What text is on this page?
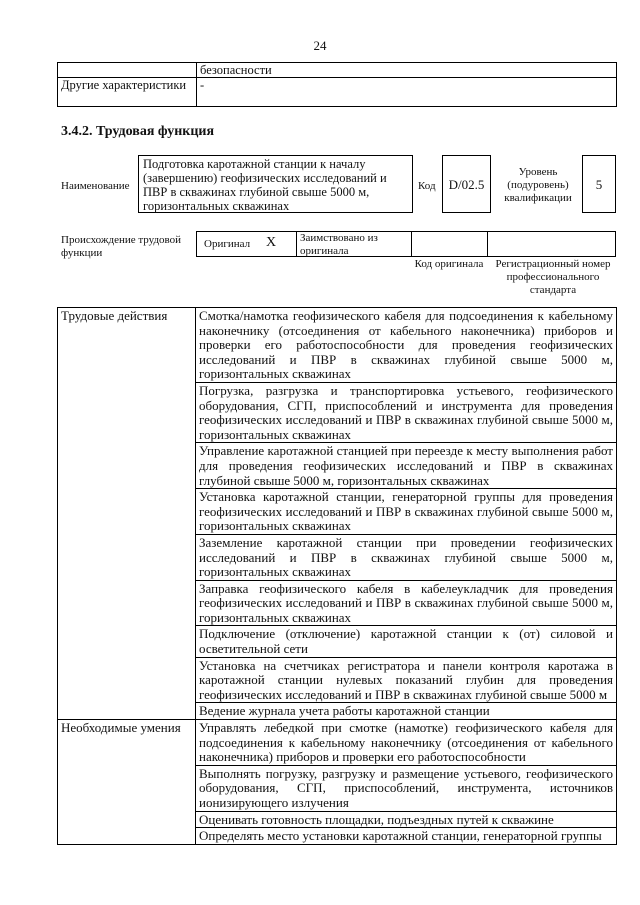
24
	безопасности
Другие характеристики	-
3.4.2. Трудовая функция
Наименование
Подготовка каротажной станции к началу (завершению) геофизических исследований и ПВР в скважинах глубиной свыше 5000 м, горизонтальных скважинах
Код	D/02.5
Уровень (подуровень) квалификации
5
Происхождение трудовой функции
Оригинал X Заимствовано из оригинала
Код оригинала	Регистрационный номер профессионального стандарта
Трудовые действия	Смотка/намотка геофизического кабеля для подсоединения к кабельному наконечнику (отсоединения от кабельного наконечника) приборов и проверки его работоспособности для проведения геофизических исследований и ПВР в скважинах глубиной свыше 5000 м, горизонтальных скважинах
	Погрузка, разгрузка и транспортировка устьевого, геофизического оборудования, СГП, приспособлений и инструмента для проведения геофизических исследований и ПВР в скважинах глубиной свыше 5000 м, горизонтальных скважинах
	Управление каротажной станцией при переезде к месту выполнения работ для проведения геофизических исследований и ПВР в скважинах глубиной свыше 5000 м, горизонтальных скважинах
	Установка каротажной станции, генераторной группы для проведения геофизических исследований и ПВР в скважинах глубиной свыше 5000 м, горизонтальных скважинах
	Заземление каротажной станции при проведении геофизических исследований и ПВР в скважинах глубиной свыше 5000 м, горизонтальных скважинах
	Заправка геофизического кабеля в кабелеукладчик для проведения геофизических исследований и ПВР в скважинах глубиной свыше 5000 м, горизонтальных скважинах
	Подключение (отключение) каротажной станции к (от) силовой и осветительной сети
	Установка на счетчиках регистратора и панели контроля каротажа в каротажной станции нулевых показаний глубин для проведения геофизических исследований и ПВР в скважинах глубиной свыше 5000 м
	Ведение журнала учета работы каротажной станции
Необходимые умения	Управлять лебедкой при смотке (намотке) геофизического кабеля для подсоединения к кабельному наконечнику (отсоединения от кабельного наконечника) приборов и проверки его работоспособности
	Выполнять погрузку, разгрузку и размещение устьевого, геофизического оборудования, СГП, приспособлений, инструмента, источников ионизирующего излучения
	Оценивать готовность площадки, подъездных путей к скважине
	Определять место установки каротажной станции, генераторной группы
